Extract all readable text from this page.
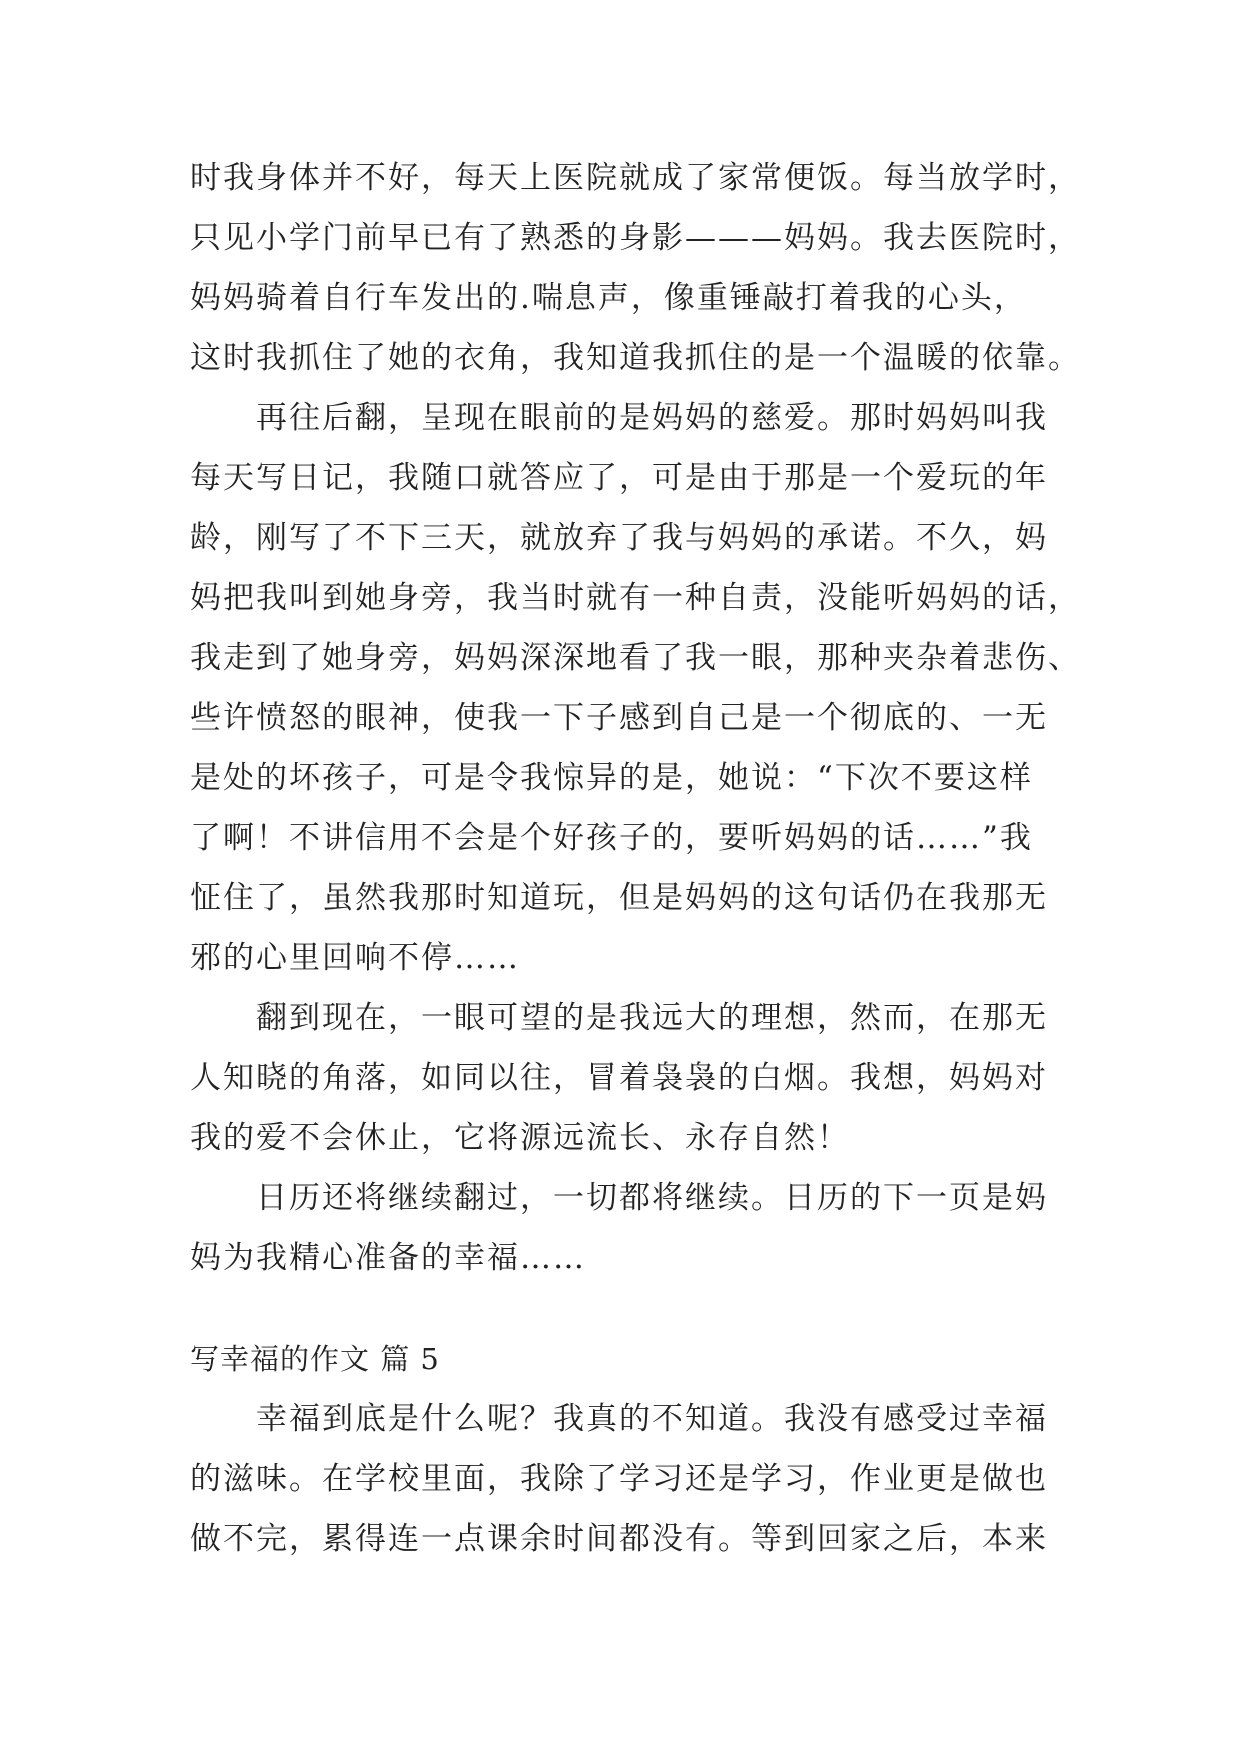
时我身体并不好，每天上医院就成了家常便饭。每当放学时，
只见小学门前早已有了熟悉的身影———妈妈。我去医院时，
妈妈骑着自行车发出的.喘息声，像重锤敲打着我的心头，
这时我抓住了她的衣角，我知道我抓住的是一个温暖的依靠。
再往后翻，呈现在眼前的是妈妈的慈爱。那时妈妈叫我
每天写日记，我随口就答应了，可是由于那是一个爱玩的年
龄，刚写了不下三天，就放弃了我与妈妈的承诺。不久，妈
妈把我叫到她身旁，我当时就有一种自责，没能听妈妈的话，
我走到了她身旁，妈妈深深地看了我一眼，那种夹杂着悲伤、
些许愤怒的眼神，使我一下子感到自己是一个彻底的、一无
是处的坏孩子，可是令我惊异的是，她说：“下次不要这样
了啊！不讲信用不会是个好孩子的，要听妈妈的话……”我
怔住了，虽然我那时知道玩，但是妈妈的这句话仍在我那无
邪的心里回响不停……
翻到现在，一眼可望的是我远大的理想，然而，在那无
人知晓的角落，如同以往，冒着袅袅的白烟。我想，妈妈对
我的爱不会休止，它将源远流长、永存自然！
日历还将继续翻过，一切都将继续。日历的下一页是妈
妈为我精心准备的幸福……
写幸福的作文 篇 5
幸福到底是什么呢？我真的不知道。我没有感受过幸福
的滋味。在学校里面，我除了学习还是学习，作业更是做也
做不完，累得连一点课余时间都没有。等到回家之后，本来
